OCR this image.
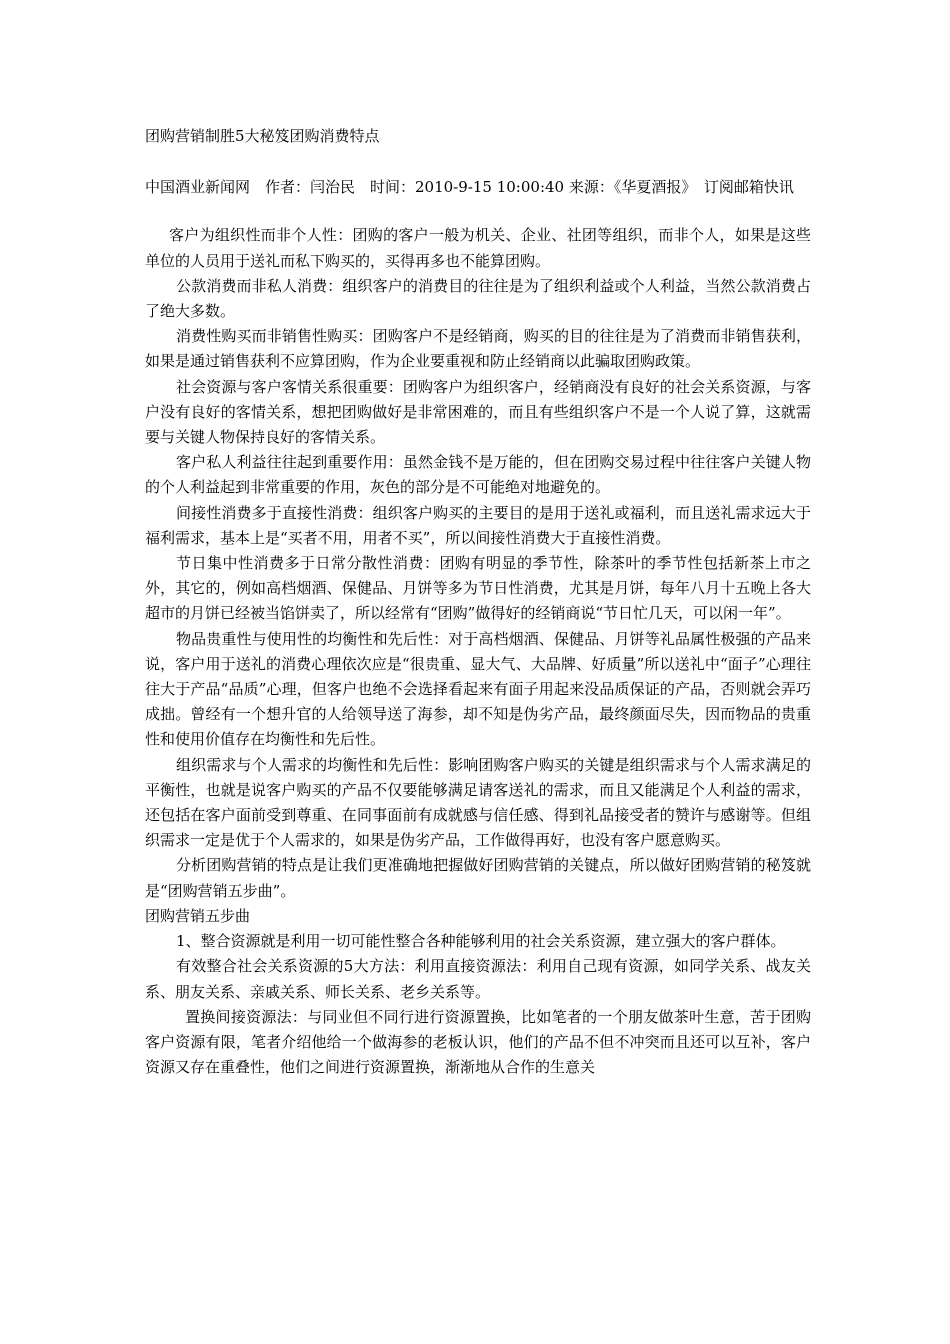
团购营销制胜5大秘笈团购消费特点

中国酒业新闻网　作者：闫治民　时间：2010-9-15 10:00:40 来源：《华夏酒报》　订阅邮箱快讯

客户为组织性而非个人性：团购的客户一般为机关、企业、社团等组织，而非个人，如果是这些单位的人员用于送礼而私下购买的，买得再多也不能算团购。

公款消费而非私人消费：组织客户的消费目的往往是为了组织利益或个人利益，当然公款消费占了绝大多数。

消费性购买而非销售性购买：团购客户不是经销商，购买的目的往往是为了消费而非销售获利，如果是通过销售获利不应算团购，作为企业要重视和防止经销商以此骗取团购政策。

社会资源与客户客情关系很重要：团购客户为组织客户，经销商没有良好的社会关系资源，与客户没有良好的客情关系，想把团购做好是非常困难的，而且有些组织客户不是一个人说了算，这就需要与关键人物保持良好的客情关系。

客户私人利益往往起到重要作用：虽然金钱不是万能的，但在团购交易过程中往往客户关键人物的个人利益起到非常重要的作用，灰色的部分是不可能绝对地避免的。

间接性消费多于直接性消费：组织客户购买的主要目的是用于送礼或福利，而且送礼需求远大于福利需求，基本上是“买者不用，用者不买”，所以间接性消费大于直接性消费。

节日集中性消费多于日常分散性消费：团购有明显的季节性，除茶叶的季节性包括新茶上市之外，其它的，例如高档烟酒、保健品、月饼等多为节日性消费，尤其是月饼，每年八月十五晚上各大超市的月饼已经被当馅饼卖了，所以经常有“团购”做得好的经销商说“节日忙几天，可以闲一年”。

物品贵重性与使用性的均衡性和先后性：对于高档烟酒、保健品、月饼等礼品属性极强的产品来说，客户用于送礼的消费心理依次应是“很贵重、显大气、大品牌、好质量”所以送礼中“面子”心理往往大于产品“品质”心理，但客户也绝不会选择看起来有面子用起来没品质保证的产品，否则就会弄巧成拙。曾经有一个想升官的人给领导送了海参，却不知是伪劣产品，最终颜面尽失，因而物品的贵重性和使用价值存在均衡性和先后性。

组织需求与个人需求的均衡性和先后性：影响团购客户购买的关键是组织需求与个人需求满足的平衡性，也就是说客户购买的产品不仅要能够满足请客送礼的需求，而且又能满足个人利益的需求，还包括在客户面前受到尊重、在同事面前有成就感与信任感、得到礼品接受者的赞许与感谢等。但组织需求一定是优于个人需求的，如果是伪劣产品，工作做得再好，也没有客户愿意购买。

分析团购营销的特点是让我们更准确地把握做好团购营销的关键点，所以做好团购营销的秘笈就是“团购营销五步曲”。

团购营销五步曲

1、整合资源就是利用一切可能性整合各种能够利用的社会关系资源，建立强大的客户群体。

有效整合社会关系资源的5大方法：利用直接资源法：利用自己现有资源，如同学关系、战友关系、朋友关系、亲戚关系、师长关系、老乡关系等。

置换间接资源法：与同业但不同行进行资源置换，比如笔者的一个朋友做茶叶生意，苦于团购客户资源有限，笔者介绍他给一个做海参的老板认识，他们的产品不但不冲突而且还可以互补，客户资源又存在重叠性，他们之间进行资源置换，渐渐地从合作的生意关
